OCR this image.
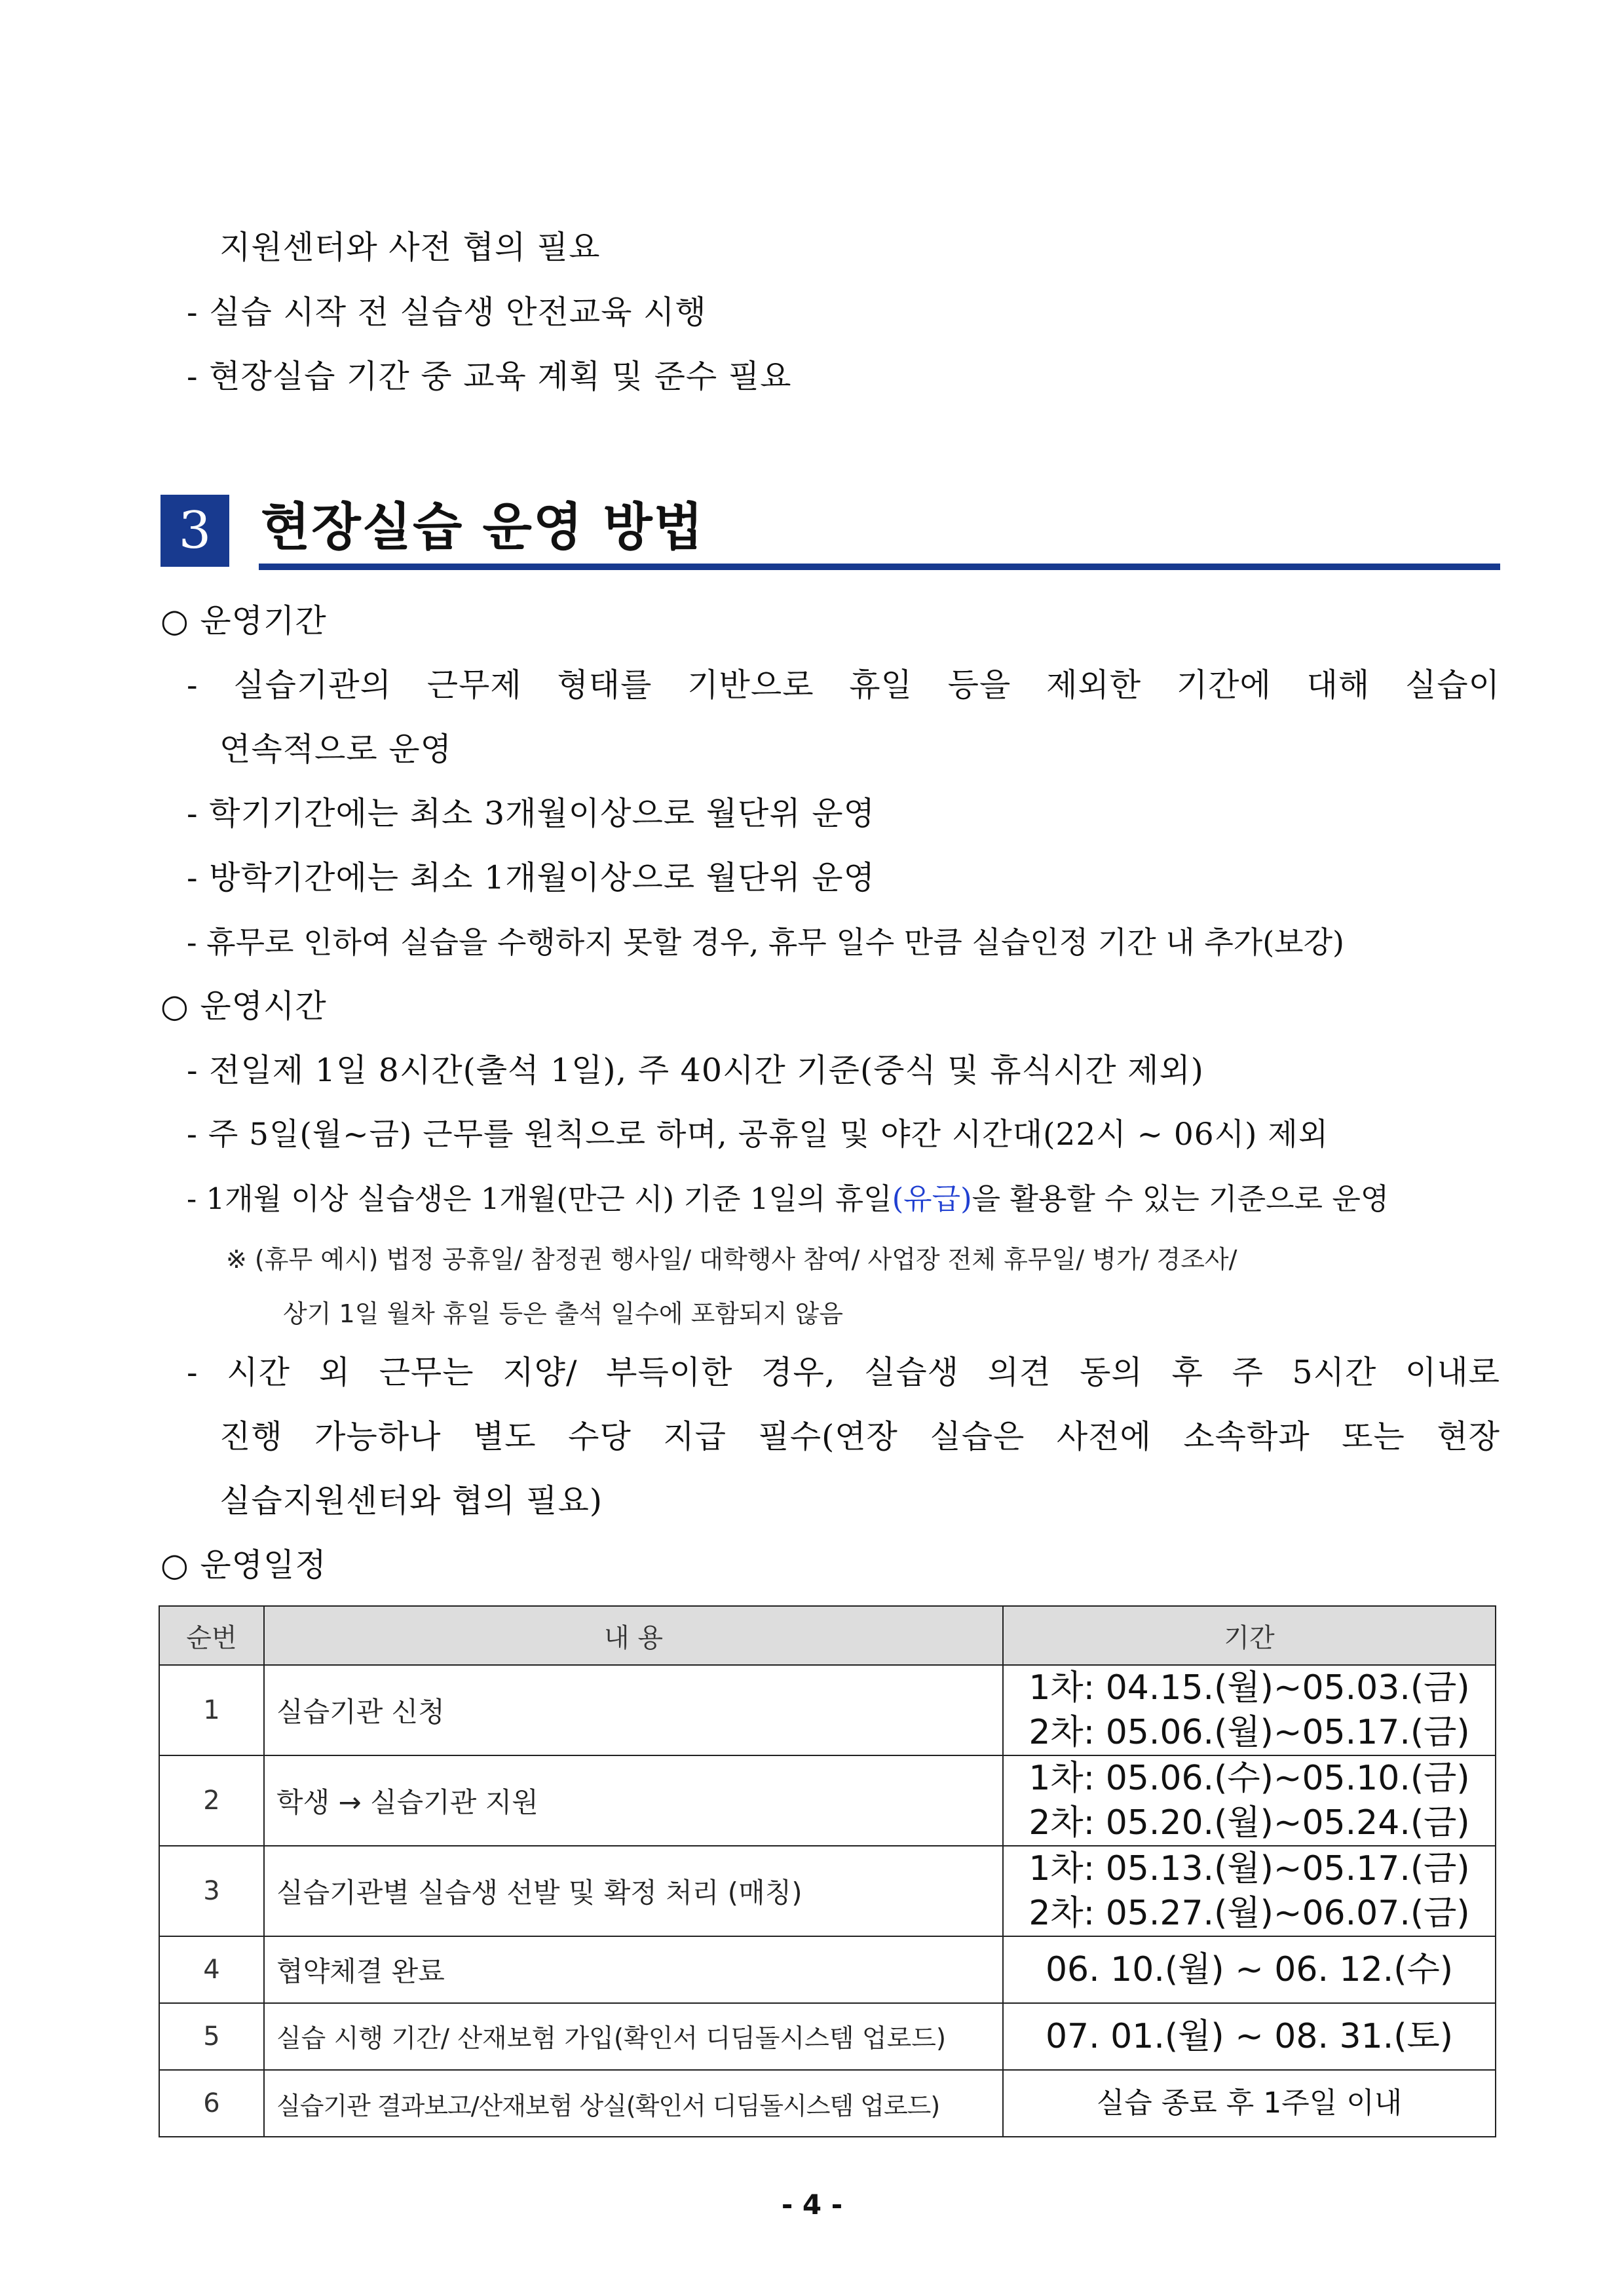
지원센터와 사전 협의 필요
- 실습 시작 전 실습생 안전교육 시행
- 현장실습 기간 중 교육 계획 및 준수 필요
3 현장실습 운영 방법
○ 운영기간
- 실습기관의 근무제 형태를 기반으로 휴일 등을 제외한 기간에 대해 실습이
연속적으로 운영
- 학기기간에는 최소 3개월이상으로 월단위 운영
- 방학기간에는 최소 1개월이상으로 월단위 운영
- 휴무로 인하여 실습을 수행하지 못할 경우, 휴무 일수 만큼 실습인정 기간 내 추가(보강)
○ 운영시간
- 전일제 1일 8시간(출석 1일), 주 40시간 기준(중식 및 휴식시간 제외)
- 주 5일(월~금) 근무를 원칙으로 하며, 공휴일 및 야간 시간대(22시 ~ 06시) 제외
- 1개월 이상 실습생은 1개월(만근 시) 기준 1일의 휴일(유급)을 활용할 수 있는 기준으로 운영
※ (휴무 예시) 법정 공휴일/ 참정권 행사일/ 대학행사 참여/ 사업장 전체 휴무일/ 병가/ 경조사/
상기 1일 월차 휴일 등은 출석 일수에 포함되지 않음
- 시간 외 근무는 지양/ 부득이한 경우, 실습생 의견 동의 후 주 5시간 이내로
진행 가능하나 별도 수당 지급 필수(연장 실습은 사전에 소속학과 또는 현장
실습지원센터와 협의 필요)
○ 운영일정
순번	내 용	기간
1	실습기관 신청	1차: 04.15.(월)~05.03.(금)
2차: 05.06.(월)~05.17.(금)

2	학생 → 실습기관 지원	1차: 05.06.(수)~05.10.(금)
2차: 05.20.(월)~05.24.(금)

3	실습기관별 실습생 선발 및 확정 처리 (매칭)	1차: 05.13.(월)~05.17.(금)
2차: 05.27.(월)~06.07.(금)

4	협약체결 완료	06. 10.(월) ~ 06. 12.(수)
5	실습 시행 기간/ 산재보험 가입(확인서 디딤돌시스템 업로드)	07. 01.(월) ~ 08. 31.(토)
6	실습기관 결과보고/산재보험 상실(확인서 디딤돌시스템 업로드)	실습 종료 후 1주일 이내
- 4 -
